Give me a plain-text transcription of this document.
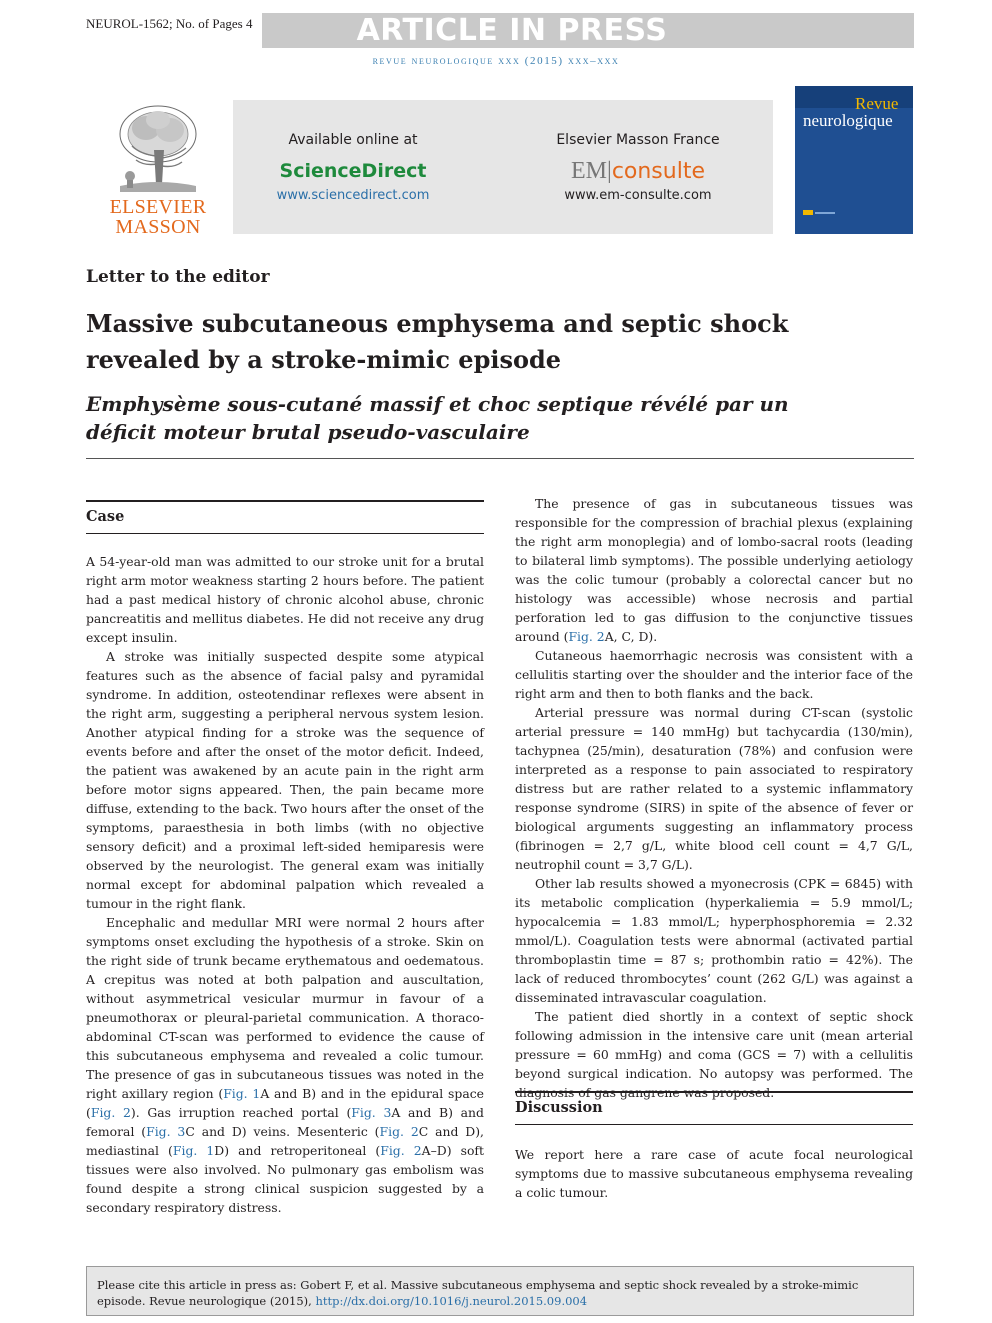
NEUROL-1562; No. of Pages 4	ARTICLE IN PRESS
revue neurologique xxx (2015) xxx–xxx
ELSEVIER
MASSON
Available online at
ScienceDirect
www.sciencedirect.com
Elsevier Masson France
EM|consulte
www.em-consulte.com
Revue
neurologique
Letter to the editor
Massive subcutaneous emphysema and septic shock revealed by a stroke-mimic episode
Emphysème sous-cutané massif et choc septique révélé par un déficit moteur brutal pseudo-vasculaire
Case

A 54-year-old man was admitted to our stroke unit for a brutal right arm motor weakness starting 2 hours before. The patient had a past medical history of chronic alcohol abuse, chronic pancreatitis and mellitus diabetes. He did not receive any drug except insulin.

A stroke was initially suspected despite some atypical features such as the absence of facial palsy and pyramidal syndrome. In addition, osteotendinar reflexes were absent in the right arm, suggesting a peripheral nervous system lesion. Another atypical finding for a stroke was the sequence of events before and after the onset of the motor deficit. Indeed, the patient was awakened by an acute pain in the right arm before motor signs appeared. Then, the pain became more diffuse, extending to the back. Two hours after the onset of the symptoms, paraesthesia in both limbs (with no objective sensory deficit) and a proximal left-sided hemiparesis were observed by the neurologist. The general exam was initially normal except for abdominal palpation which revealed a tumour in the right flank.

Encephalic and medullar MRI were normal 2 hours after symptoms onset excluding the hypothesis of a stroke. Skin on the right side of trunk became erythematous and oedematous. A crepitus was noted at both palpation and auscultation, without asymmetrical vesicular murmur in favour of a pneumothorax or pleural-parietal communication. A thoraco-abdominal CT-scan was performed to evidence the cause of this subcutaneous emphysema and revealed a colic tumour. The presence of gas in subcutaneous tissues was noted in the right axillary region (Fig. 1A and B) and in the epidural space (Fig. 2). Gas irruption reached portal (Fig. 3A and B) and femoral (Fig. 3C and D) veins. Mesenteric (Fig. 2C and D), mediastinal (Fig. 1D) and retroperitoneal (Fig. 2A–D) soft tissues were also involved. No pulmonary gas embolism was found despite a strong clinical suspicion suggested by a secondary respiratory distress.

The presence of gas in subcutaneous tissues was responsible for the compression of brachial plexus (explaining the right arm monoplegia) and of lombo-sacral roots (leading to bilateral limb symptoms). The possible underlying aetiology was the colic tumour (probably a colorectal cancer but no histology was accessible) whose necrosis and partial perforation led to gas diffusion to the conjunctive tissues around (Fig. 2A, C, D).

Cutaneous haemorrhagic necrosis was consistent with a cellulitis starting over the shoulder and the interior face of the right arm and then to both flanks and the back.

Arterial pressure was normal during CT-scan (systolic arterial pressure = 140 mmHg) but tachycardia (130/min), tachypnea (25/min), desaturation (78%) and confusion were interpreted as a response to pain associated to respiratory distress but are rather related to a systemic inflammatory response syndrome (SIRS) in spite of the absence of fever or biological arguments suggesting an inflammatory process (fibrinogen = 2,7 g/L, white blood cell count = 4,7 G/L, neutrophil count = 3,7 G/L).

Other lab results showed a myonecrosis (CPK = 6845) with its metabolic complication (hyperkaliemia = 5.9 mmol/L; hypocalcemia = 1.83 mmol/L; hyperphosphoremia = 2.32 mmol/L). Coagulation tests were abnormal (activated partial thromboplastin time = 87 s; prothombin ratio = 42%). The lack of reduced thrombocytes’ count (262 G/L) was against a disseminated intravascular coagulation.

The patient died shortly in a context of septic shock following admission in the intensive care unit (mean arterial pressure = 60 mmHg) and coma (GCS = 7) with a cellulitis beyond surgical indication. No autopsy was performed. The

Discussion

We report here a rare case of acute focal neurological symptoms due to massive subcutaneous emphysema revealing a colic tumour.

Please cite this article in press as: Gobert F, et al. Massive subcutaneous emphysema and septic shock revealed by a stroke-mimic episode. Revue neurologique (2015), http://dx.doi.org/10.1016/j.neurol.2015.09.004
